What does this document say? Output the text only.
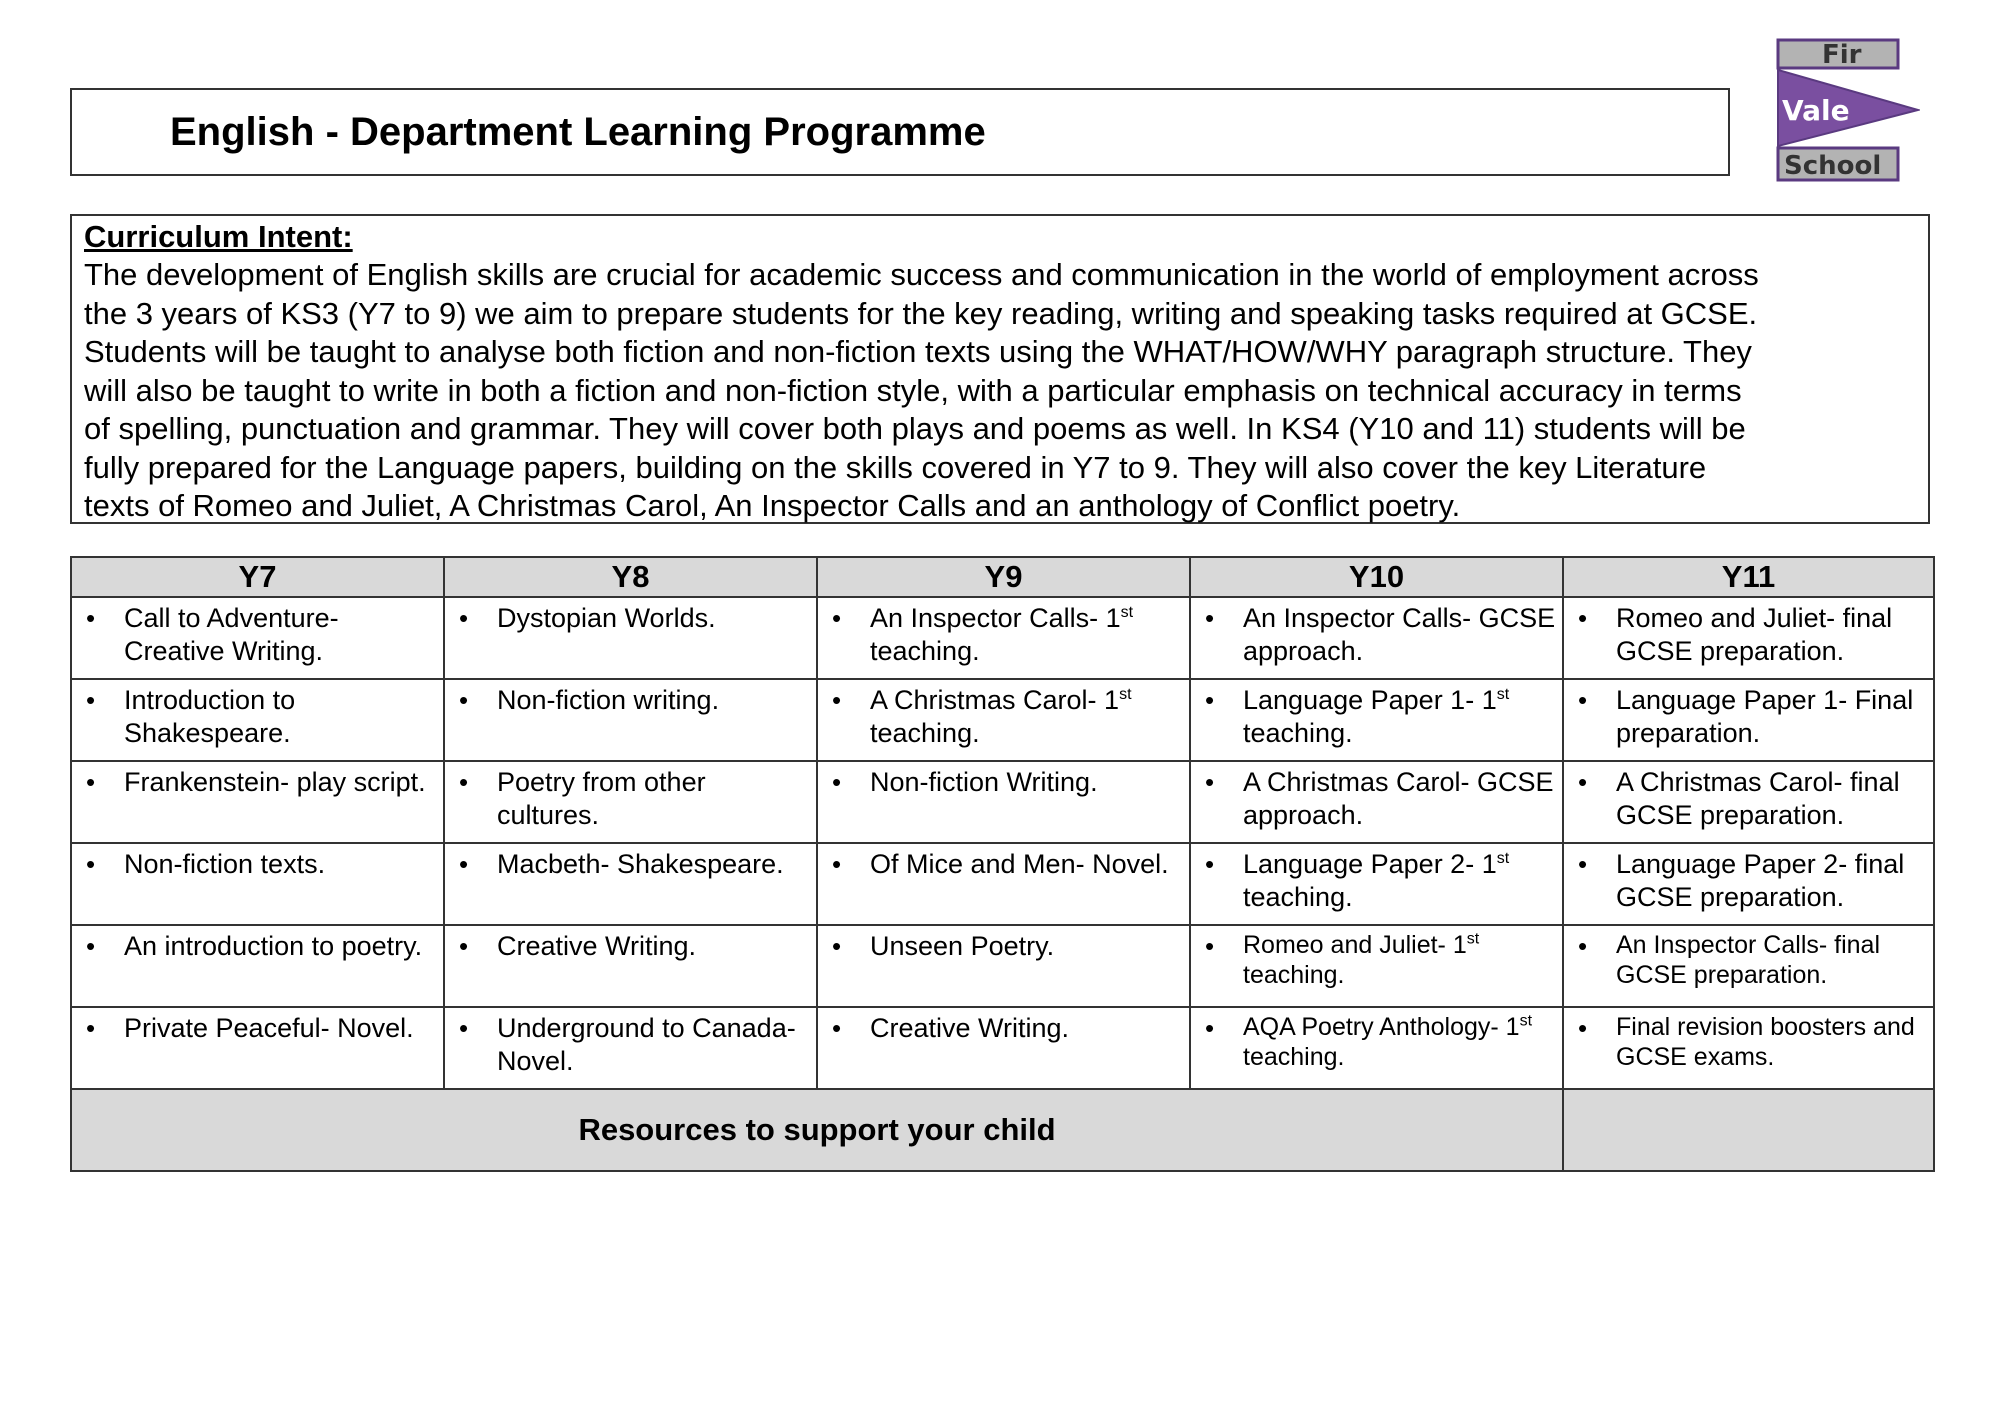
English - Department Learning Programme
Fir
Vale
School
Curriculum Intent:
The development of English skills are crucial for academic success and communication in the world of employment across
the 3 years of KS3 (Y7 to 9) we aim to prepare students for the key reading, writing and speaking tasks required at GCSE.
Students will be taught to analyse both fiction and non-fiction texts using the WHAT/HOW/WHY paragraph structure. They
will also be taught to write in both a fiction and non-fiction style, with a particular emphasis on technical accuracy in terms
of spelling, punctuation and grammar. They will cover both plays and poems as well. In KS4 (Y10 and 11) students will be
fully prepared for the Language papers, building on the skills covered in Y7 to 9. They will also cover the key Literature
texts of Romeo and Juliet, A Christmas Carol, An Inspector Calls and an anthology of Conflict poetry.
Y7	Y8	Y9	Y10	Y11

• Call to Adventure- Creative Writing.	• Dystopian Worlds.	• An Inspector Calls- 1st teaching.	• An Inspector Calls- GCSE approach.	• Romeo and Juliet- final GCSE preparation.

• Introduction to Shakespeare.	• Non-fiction writing.	• A Christmas Carol- 1st teaching.	• Language Paper 1- 1st teaching.	• Language Paper 1- Final preparation.

• Frankenstein- play script.	• Poetry from other cultures.	• Non-fiction Writing.	• A Christmas Carol- GCSE approach.	• A Christmas Carol- final GCSE preparation.

• Non-fiction texts.	• Macbeth- Shakespeare.	• Of Mice and Men- Novel.	• Language Paper 2- 1st teaching.	• Language Paper 2- final GCSE preparation.

• An introduction to poetry.	• Creative Writing.	• Unseen Poetry.	• Romeo and Juliet- 1st teaching.	• An Inspector Calls- final GCSE preparation.

• Private Peaceful- Novel.	• Underground to Canada- Novel.	• Creative Writing.	• AQA Poetry Anthology- 1st teaching.	• Final revision boosters and GCSE exams.

Resources to support your child				
